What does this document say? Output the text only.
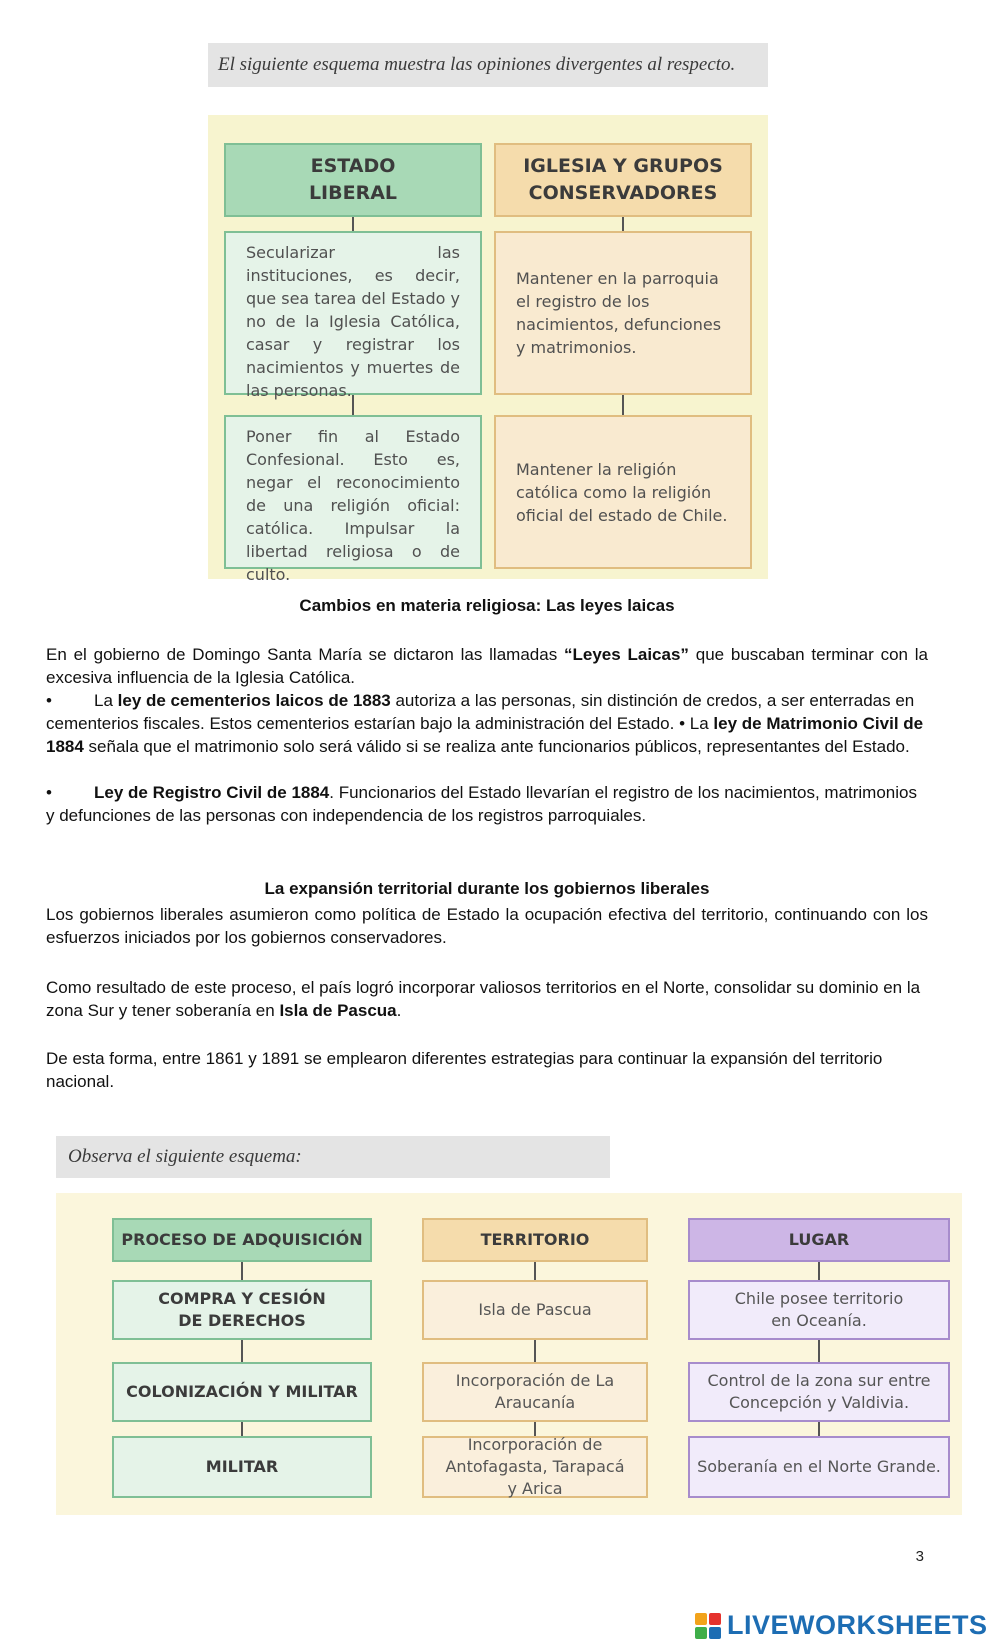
El siguiente esquema muestra las opiniones divergentes al respecto.
ESTADO LIBERAL
IGLESIA Y GRUPOS CONSERVADORES
Secularizar las instituciones, es decir, que sea tarea del Estado y no de la Iglesia Católica, casar y registrar los nacimientos y muertes de las personas.
Mantener en la parroquia el registro de los nacimientos, defunciones y matrimonios.
Poner fin al Estado Confesional. Esto es, negar el reconocimiento de una religión oficial: católica. Impulsar la libertad religiosa o de culto.
Mantener la religión católica como la religión oficial del estado de Chile.
Cambios en materia religiosa: Las leyes laicas
En el gobierno de Domingo Santa María se dictaron las llamadas “Leyes Laicas” que buscaban terminar con la excesiva influencia de la Iglesia Católica.
• La ley de cementerios laicos de 1883 autoriza a las personas, sin distinción de credos, a ser enterradas en cementerios fiscales. Estos cementerios estarían bajo la administración del Estado. • La ley de Matrimonio Civil de 1884 señala que el matrimonio solo será válido si se realiza ante funcionarios públicos, representantes del Estado.
• Ley de Registro Civil de 1884. Funcionarios del Estado llevarían el registro de los nacimientos, matrimonios y defunciones de las personas con independencia de los registros parroquiales.
La expansión territorial durante los gobiernos liberales
Los gobiernos liberales asumieron como política de Estado la ocupación efectiva del territorio, continuando con los esfuerzos iniciados por los gobiernos conservadores.
Como resultado de este proceso, el país logró incorporar valiosos territorios en el Norte, consolidar su dominio en la zona Sur y tener soberanía en Isla de Pascua.
De esta forma, entre 1861 y 1891 se emplearon diferentes estrategias para continuar la expansión del territorio nacional.
Observa el siguiente esquema:
PROCESO DE ADQUISICIÓN	TERRITORIO	LUGAR
COMPRA Y CESIÓN DE DERECHOS
Isla de Pascua
Chile posee territorio en Oceanía.
COLONIZACIÓN Y MILITAR
Incorporación de La Araucanía
Control de la zona sur entre Concepción y Valdivia.
MILITAR
Incorporación de Antofagasta, Tarapacá y Arica
Soberanía en el Norte Grande.
3
LIVEWORKSHEETS
